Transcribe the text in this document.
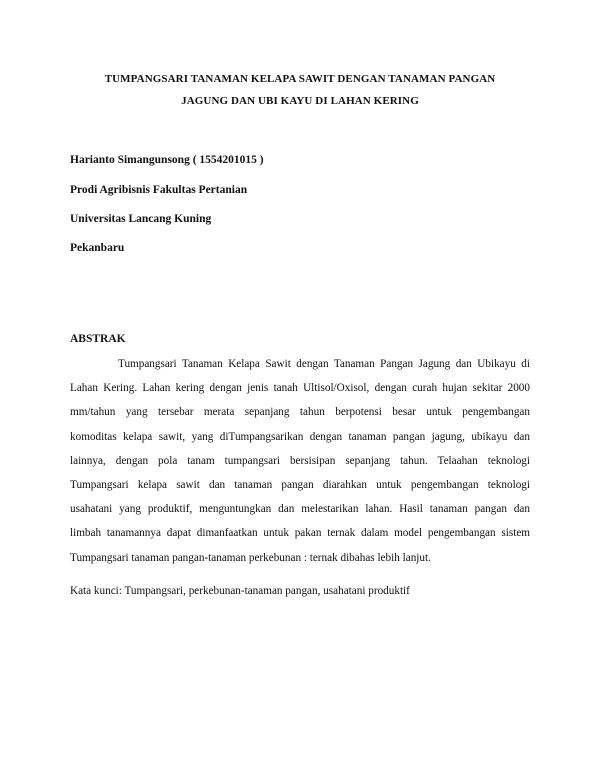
TUMPANGSARI TANAMAN KELAPA SAWIT DENGAN TANAMAN PANGAN
JAGUNG DAN UBI KAYU DI LAHAN KERING
Harianto Simangunsong ( 1554201015 )
Prodi Agribisnis Fakultas Pertanian
Universitas Lancang Kuning
Pekanbaru
ABSTRAK
Tumpangsari Tanaman Kelapa Sawit dengan Tanaman Pangan Jagung dan Ubikayu di
Lahan Kering. Lahan kering dengan jenis tanah Ultisol/Oxisol, dengan curah hujan sekitar 2000
mm/tahun yang tersebar merata sepanjang tahun berpotensi besar untuk pengembangan
komoditas kelapa sawit, yang diTumpangsarikan dengan tanaman pangan jagung, ubikayu dan
lainnya, dengan pola tanam tumpangsari bersisipan sepanjang tahun. Telaahan teknologi
Tumpangsari kelapa sawit dan tanaman pangan diarahkan untuk pengembangan teknologi
usahatani yang produktif, menguntungkan dan melestarikan lahan. Hasil tanaman pangan dan
limbah tanamannya dapat dimanfaatkan untuk pakan ternak dalam model pengembangan sistem
Tumpangsari tanaman pangan-tanaman perkebunan : ternak dibahas lebih lanjut.
Kata kunci: Tumpangsari, perkebunan-tanaman pangan, usahatani produktif
